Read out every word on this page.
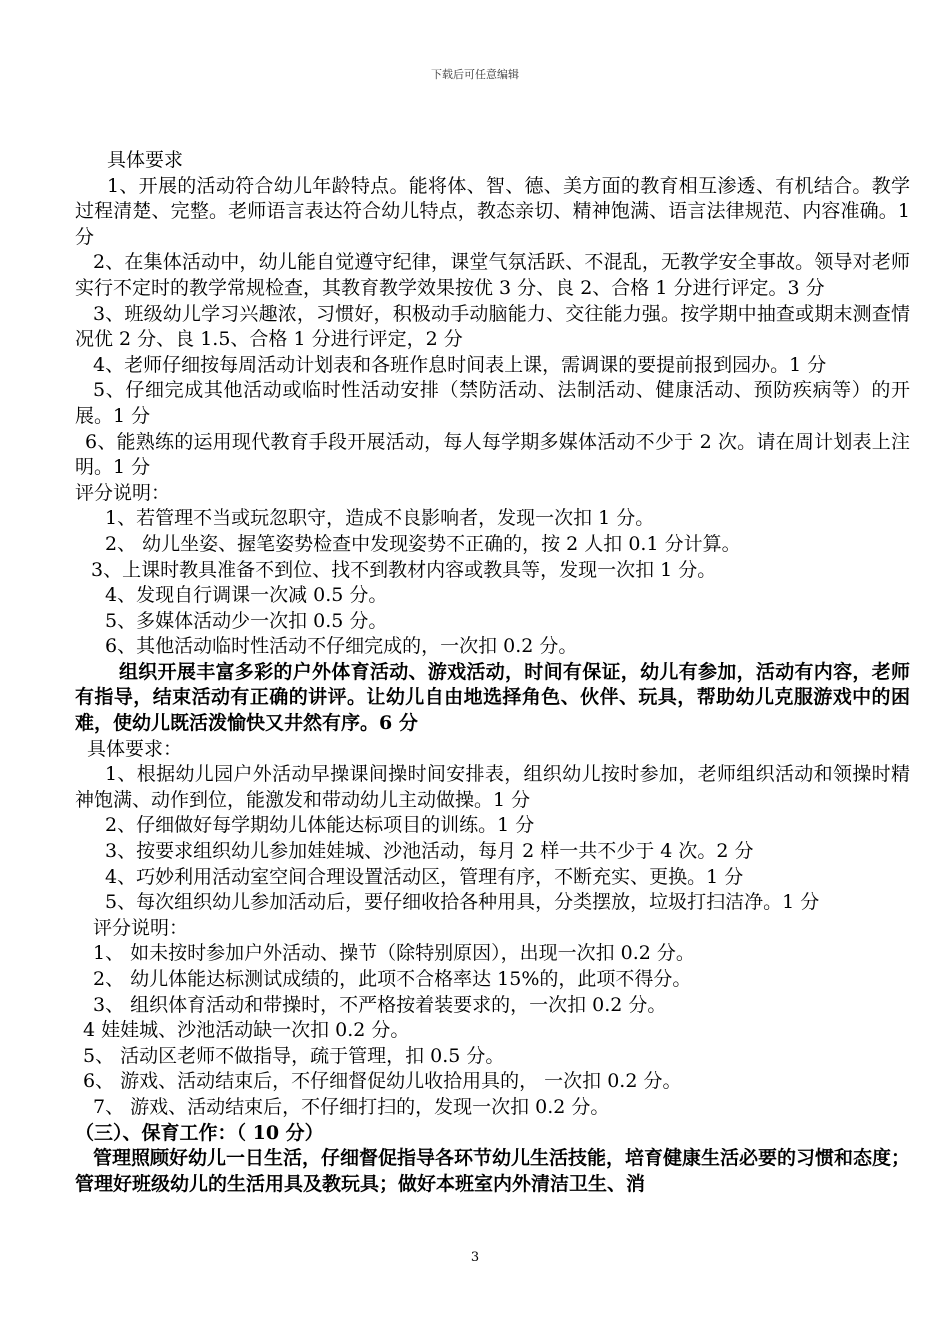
下载后可任意编辑

具体要求

1、开展的活动符合幼儿年龄特点。能将体、智、德、美方面的教育相互渗透、有机结合。教学过程清楚、完整。老师语言表达符合幼儿特点，教态亲切、精神饱满、语言法律规范、内容准确。1 分

2、在集体活动中，幼儿能自觉遵守纪律，课堂气氛活跃、不混乱，无教学安全事故。领导对老师实行不定时的教学常规检查，其教育教学效果按优 3 分、良 2、合格 1 分进行评定。3 分

3、班级幼儿学习兴趣浓，习惯好，积极动手动脑能力、交往能力强。按学期中抽查或期末测查情况优 2 分、良 1.5、合格 1 分进行评定，2 分

4、老师仔细按每周活动计划表和各班作息时间表上课，需调课的要提前报到园办。1 分

5、仔细完成其他活动或临时性活动安排（禁防活动、法制活动、健康活动、预防疾病等）的开展。1 分

6、能熟练的运用现代教育手段开展活动，每人每学期多媒体活动不少于 2 次。请在周计划表上注明。1 分

评分说明：

1、若管理不当或玩忽职守，造成不良影响者，发现一次扣 1 分。

2、 幼儿坐姿、握笔姿势检查中发现姿势不正确的，按 2 人扣 0.1 分计算。

3、上课时教具准备不到位、找不到教材内容或教具等，发现一次扣 1 分。

4、发现自行调课一次减 0.5 分。

5、多媒体活动少一次扣 0.5 分。

6、其他活动临时性活动不仔细完成的，一次扣 0.2 分。

组织开展丰富多彩的户外体育活动、游戏活动，时间有保证，幼儿有参加，活动有内容，老师有指导，结束活动有正确的讲评。让幼儿自由地选择角色、伙伴、玩具，帮助幼儿克服游戏中的困难，使幼儿既活泼愉快又井然有序。6 分

具体要求：

1、根据幼儿园户外活动早操课间操时间安排表，组织幼儿按时参加，老师组织活动和领操时精神饱满、动作到位，能激发和带动幼儿主动做操。1 分

2、仔细做好每学期幼儿体能达标项目的训练。1 分

3、按要求组织幼儿参加娃娃城、沙池活动，每月 2 样一共不少于 4 次。2 分

4、巧妙利用活动室空间合理设置活动区，管理有序，不断充实、更换。1 分

5、每次组织幼儿参加活动后，要仔细收拾各种用具，分类摆放，垃圾打扫洁净。1 分

评分说明：

1、 如未按时参加户外活动、操节（除特别原因），出现一次扣 0.2 分。

2、 幼儿体能达标测试成绩的，此项不合格率达 15%的，此项不得分。

3、 组织体育活动和带操时，不严格按着装要求的，一次扣 0.2 分。

4 娃娃城、沙池活动缺一次扣 0.2 分。

5、 活动区老师不做指导，疏于管理，扣 0.5 分。

6、 游戏、活动结束后，不仔细督促幼儿收拾用具的， 一次扣 0.2 分。

7、 游戏、活动结束后，不仔细打扫的，发现一次扣 0.2 分。

（三）、保育工作：（ 10 分）

管理照顾好幼儿一日生活，仔细督促指导各环节幼儿生活技能，培育健康生活必要的习惯和态度；管理好班级幼儿的生活用具及教玩具；做好本班室内外清洁卫生、消

3
